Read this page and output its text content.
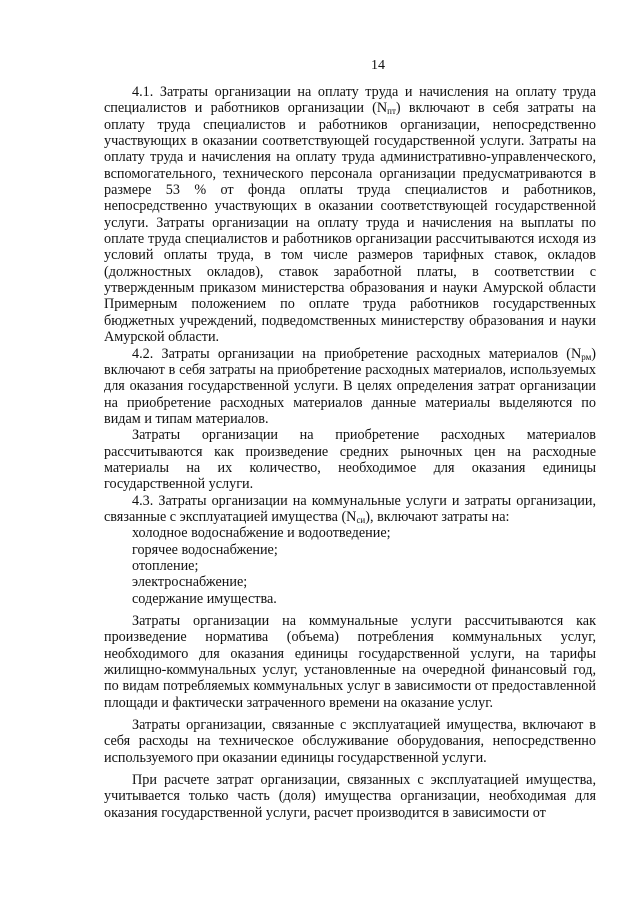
14

4.1. Затраты организации на оплату труда и начисления на оплату труда специалистов и работников организации $(N_{пт})$ включают в себя затраты на оплату труда специалистов и работников организации, непосредственно участвующих в оказании соответствующей государственной услуги. Затраты на оплату труда и начисления на оплату труда административно-управленческого, вспомогательного, технического персонала организации предусматриваются в размере 53 % от фонда оплаты труда специалистов и работников, непосредственно участвующих в оказании соответствующей государственной услуги. Затраты организации на оплату труда и начисления на выплаты по оплате труда специалистов и работников организации рассчитываются исходя из условий оплаты труда, в том числе размеров тарифных ставок, окладов (должностных окладов), ставок заработной платы, в соответствии с утвержденным приказом министерства образования и науки Амурской области Примерным положением по оплате труда работников государственных бюджетных учреждений, подведомственных министерству образования и науки Амурской области.

4.2. Затраты организации на приобретение расходных материалов $(N_{рм})$ включают в себя затраты на приобретение расходных материалов, используемых для оказания государственной услуги. В целях определения затрат организации на приобретение расходных материалов данные материалы выделяются по видам и типам материалов.

Затраты организации на приобретение расходных материалов рассчитываются как произведение средних рыночных цен на расходные материалы на их количество, необходимое для оказания единицы государственной услуги.

4.3. Затраты организации на коммунальные услуги и затраты организации, связанные с эксплуатацией имущества $(N_{си})$, включают затраты на:

холодное водоснабжение и водоотведение;

горячее водоснабжение;

отопление;

электроснабжение;

содержание имущества.

Затраты организации на коммунальные услуги рассчитываются как произведение норматива (объема) потребления коммунальных услуг, необходимого для оказания единицы государственной услуги, на тарифы жилищно-коммунальных услуг, установленные на очередной финансовый год, по видам потребляемых коммунальных услуг в зависимости от предоставленной площади и фактически затраченного времени на оказание услуг.

Затраты организации, связанные с эксплуатацией имущества, включают в себя расходы на техническое обслуживание оборудования, непосредственно используемого при оказании единицы государственной услуги.

При расчете затрат организации, связанных с эксплуатацией имущества, учитывается только часть (доля) имущества организации, необходимая для оказания государственной услуги, расчет производится в зависимости от
